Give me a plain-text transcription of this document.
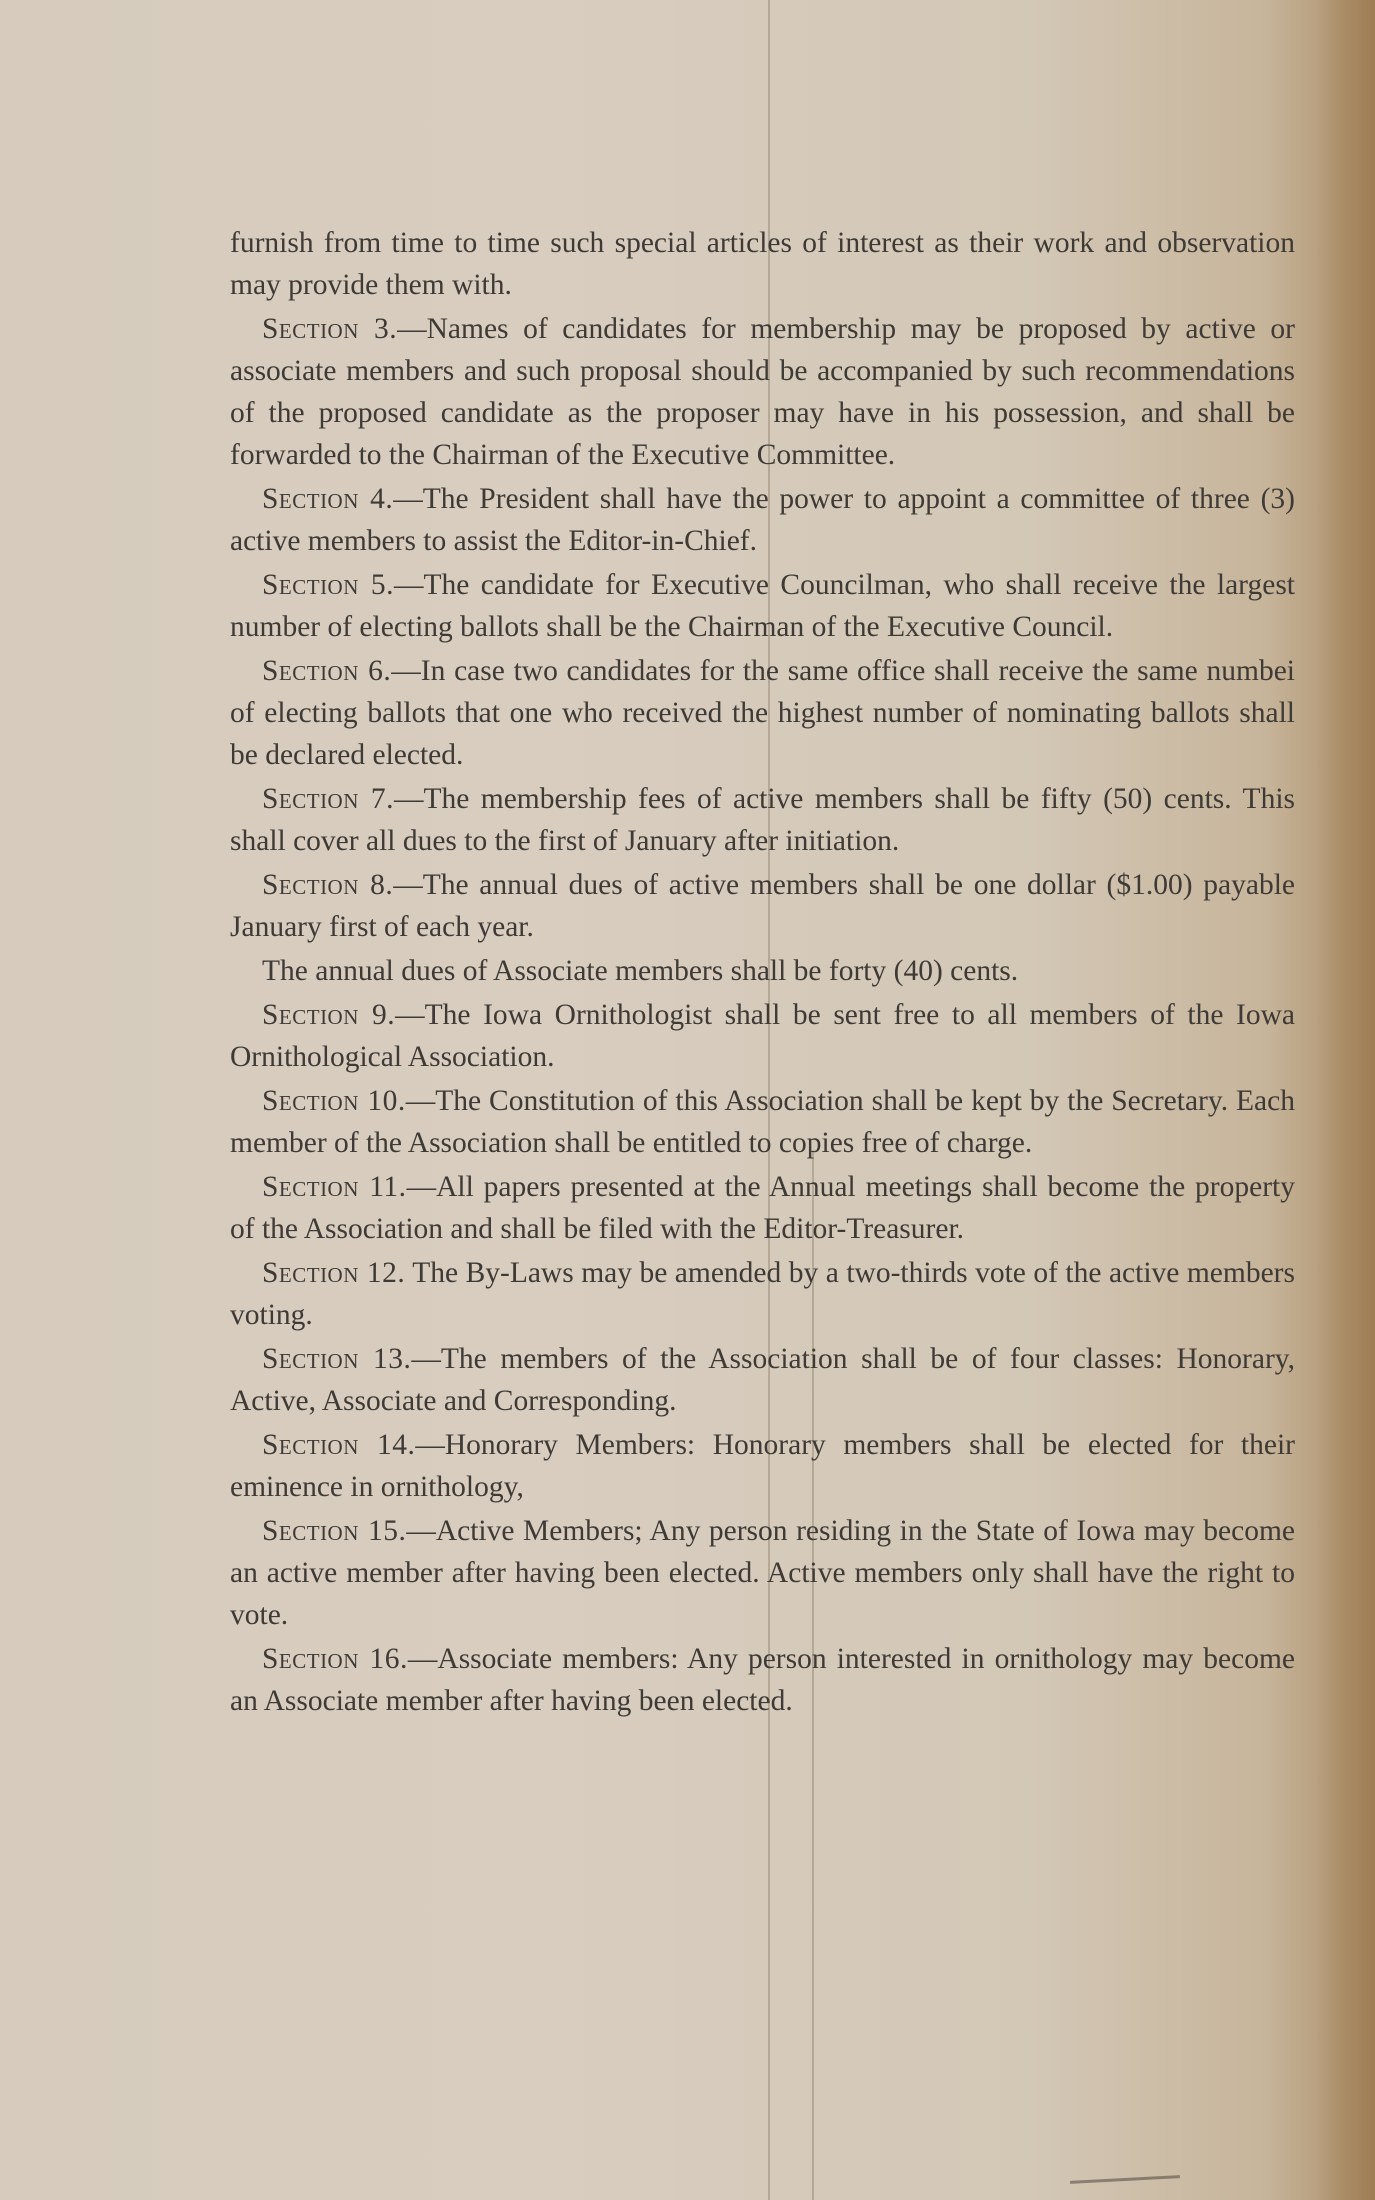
furnish from time to time such special articles of interest as their work and observation may provide them with.

Section 3.—Names of candidates for membership may be proposed by active or associate members and such proposal should be accompanied by such recommendations of the proposed candidate as the proposer may have in his possession, and shall be forwarded to the Chairman of the Executive Committee.

Section 4.—The President shall have the power to appoint a committee of three (3) active members to assist the Editor-in-Chief.

Section 5.—The candidate for Executive Councilman, who shall receive the largest number of electing ballots shall be the Chairman of the Executive Council.

Section 6.—In case two candidates for the same office shall receive the same numbei of electing ballots that one who received the highest number of nominating ballots shall be declared elected.

Section 7.—The membership fees of active members shall be fifty (50) cents. This shall cover all dues to the first of January after initiation.

Section 8.—The annual dues of active members shall be one dollar ($1.00) payable January first of each year.

The annual dues of Associate members shall be forty (40) cents.

Section 9.—The Iowa Ornithologist shall be sent free to all members of the Iowa Ornithological Association.

Section 10.—The Constitution of this Association shall be kept by the Secretary. Each member of the Association shall be entitled to copies free of charge.

Section 11.—All papers presented at the Annual meetings shall become the property of the Association and shall be filed with the Editor-Treasurer.

Section 12. The By-Laws may be amended by a two-thirds vote of the active members voting.

Section 13.—The members of the Association shall be of four classes: Honorary, Active, Associate and Corresponding.

Section 14.—Honorary Members: Honorary members shall be elected for their eminence in ornithology,

Section 15.—Active Members; Any person residing in the State of Iowa may become an active member after having been elected. Active members only shall have the right to vote.

Section 16.—Associate members: Any person interested in ornithology may become an Associate member after having been elected.
